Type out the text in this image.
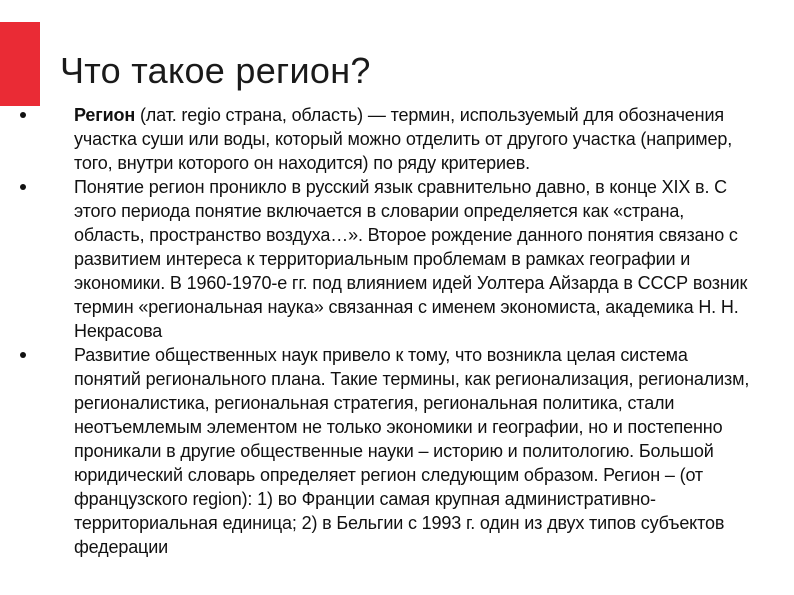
Что такое регион?
Регион (лат. regio страна, область) — термин, используемый для обозначения участка суши или воды, который можно отделить от другого участка (например, того, внутри которого он находится) по ряду критериев.
Понятие регион проникло в русский язык сравнительно давно, в конце XIX в. С этого периода понятие включается в словарии определяется как «страна, область, пространство воздуха…». Второе рождение данного понятия связано с развитием интереса к территориальным проблемам в рамках географии и экономики. В 1960-1970-е гг. под влиянием идей Уолтера Айзарда в СССР возник термин «региональная наука» связанная с именем экономиста, академика Н. Н. Некрасова
Развитие общественных наук привело к тому, что возникла целая система понятий регионального плана. Такие термины, как регионализация, регионализм, регионалистика, региональная стратегия, региональная политика, стали неотъемлемым элементом не только экономики и географии, но и постепенно проникали в другие общественные науки – историю и политологию. Большой юридический словарь определяет регион следующим образом. Регион – (от французского region): 1) во Франции самая крупная административно-территориальная единица; 2) в Бельгии с 1993 г. один из двух типов субъектов федерации
